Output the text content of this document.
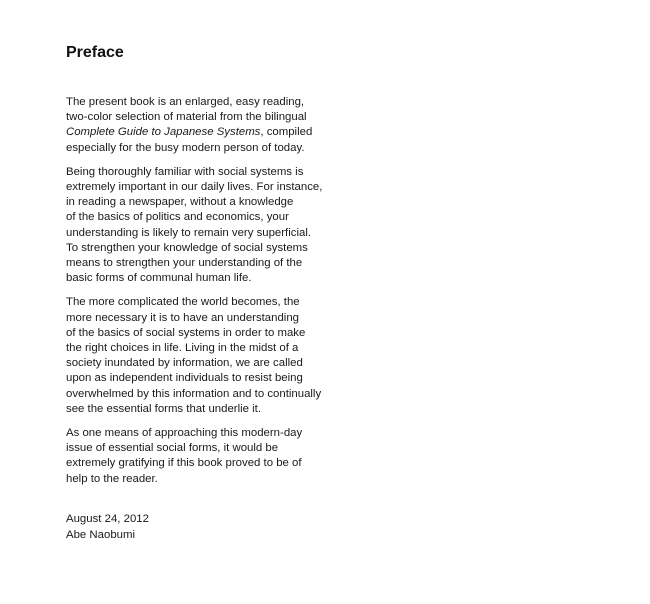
Preface

The present book is an enlarged, easy reading,
two-color selection of material from the bilingual
Complete Guide to Japanese Systems, compiled
especially for the busy modern person of today.

Being thoroughly familiar with social systems is
extremely important in our daily lives. For instance,
in reading a newspaper, without a knowledge
of the basics of politics and economics, your
understanding is likely to remain very superficial.
To strengthen your knowledge of social systems
means to strengthen your understanding of the
basic forms of communal human life.

The more complicated the world becomes, the
more necessary it is to have an understanding
of the basics of social systems in order to make
the right choices in life. Living in the midst of a
society inundated by information, we are called
upon as independent individuals to resist being
overwhelmed by this information and to continually
see the essential forms that underlie it.

As one means of approaching this modern-day
issue of essential social forms, it would be
extremely gratifying if this book proved to be of
help to the reader.

August 24, 2012
Abe Naobumi
